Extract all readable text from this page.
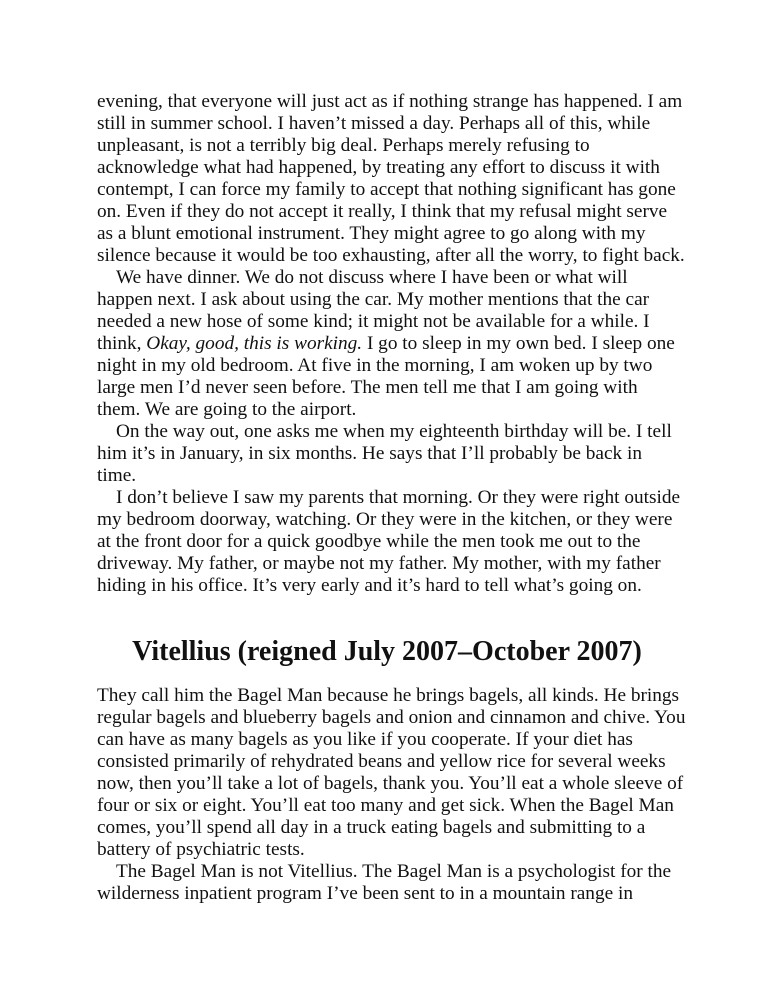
evening, that everyone will just act as if nothing strange has happened. I am
still in summer school. I haven’t missed a day. Perhaps all of this, while
unpleasant, is not a terribly big deal. Perhaps merely refusing to
acknowledge what had happened, by treating any effort to discuss it with
contempt, I can force my family to accept that nothing significant has gone
on. Even if they do not accept it really, I think that my refusal might serve
as a blunt emotional instrument. They might agree to go along with my
silence because it would be too exhausting, after all the worry, to fight back.

We have dinner. We do not discuss where I have been or what will
happen next. I ask about using the car. My mother mentions that the car
needed a new hose of some kind; it might not be available for a while. I
think, Okay, good, this is working. I go to sleep in my own bed. I sleep one
night in my old bedroom. At five in the morning, I am woken up by two
large men I’d never seen before. The men tell me that I am going with
them. We are going to the airport.

On the way out, one asks me when my eighteenth birthday will be. I tell
him it’s in January, in six months. He says that I’ll probably be back in
time.

I don’t believe I saw my parents that morning. Or they were right outside
my bedroom doorway, watching. Or they were in the kitchen, or they were
at the front door for a quick goodbye while the men took me out to the
driveway. My father, or maybe not my father. My mother, with my father
hiding in his office. It’s very early and it’s hard to tell what’s going on.

Vitellius (reigned July 2007–October 2007)

They call him the Bagel Man because he brings bagels, all kinds. He brings
regular bagels and blueberry bagels and onion and cinnamon and chive. You
can have as many bagels as you like if you cooperate. If your diet has
consisted primarily of rehydrated beans and yellow rice for several weeks
now, then you’ll take a lot of bagels, thank you. You’ll eat a whole sleeve of
four or six or eight. You’ll eat too many and get sick. When the Bagel Man
comes, you’ll spend all day in a truck eating bagels and submitting to a
battery of psychiatric tests.

The Bagel Man is not Vitellius. The Bagel Man is a psychologist for the
wilderness inpatient program I’ve been sent to in a mountain range in
